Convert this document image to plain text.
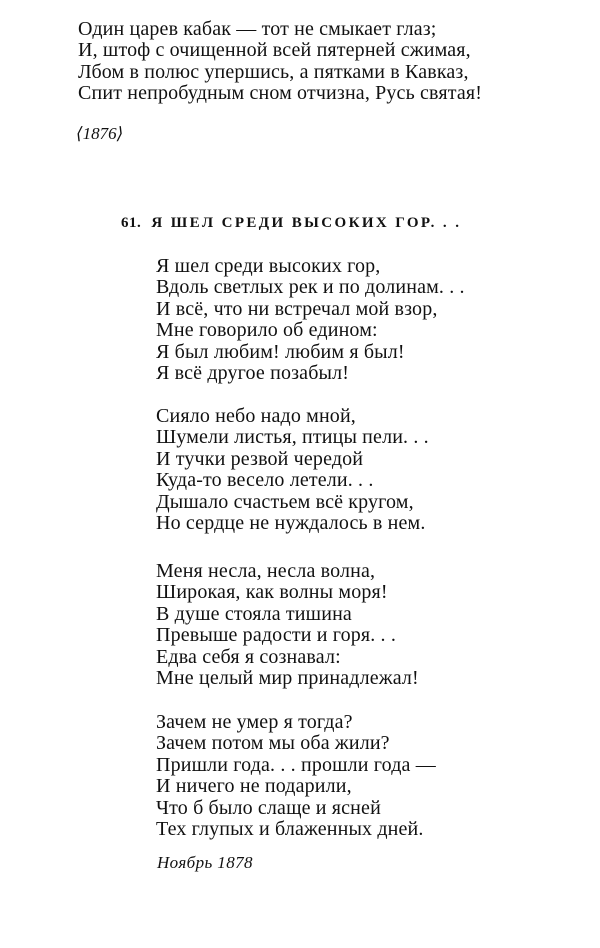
Один царев кабак — тот не смыкает глаз;
И, штоф с очищенной всей пятерней сжимая,
Лбом в полюс упершись, а пятками в Кавказ,
Спит непробудным сном отчизна, Русь святая!
⟨1876⟩
61. Я ШЕЛ СРЕДИ ВЫСОКИХ ГОР. . .
Я шел среди высоких гор,
Вдоль светлых рек и по долинам. . .
И всё, что ни встречал мой взор,
Мне говорило об едином:
Я был любим! любим я был!
Я всё другое позабыл!
Сияло небо надо мной,
Шумели листья, птицы пели. . .
И тучки резвой чередой
Куда-то весело летели. . .
Дышало счастьем всё кругом,
Но сердце не нуждалось в нем.
Меня несла, несла волна,
Широкая, как волны моря!
В душе стояла тишина
Превыше радости и горя. . .
Едва себя я сознавал:
Мне целый мир принадлежал!
Зачем не умер я тогда?
Зачем потом мы оба жили?
Пришли года. . . прошли года —
И ничего не подарили,
Что б было слаще и ясней
Тех глупых и блаженных дней.
Ноябрь 1878
